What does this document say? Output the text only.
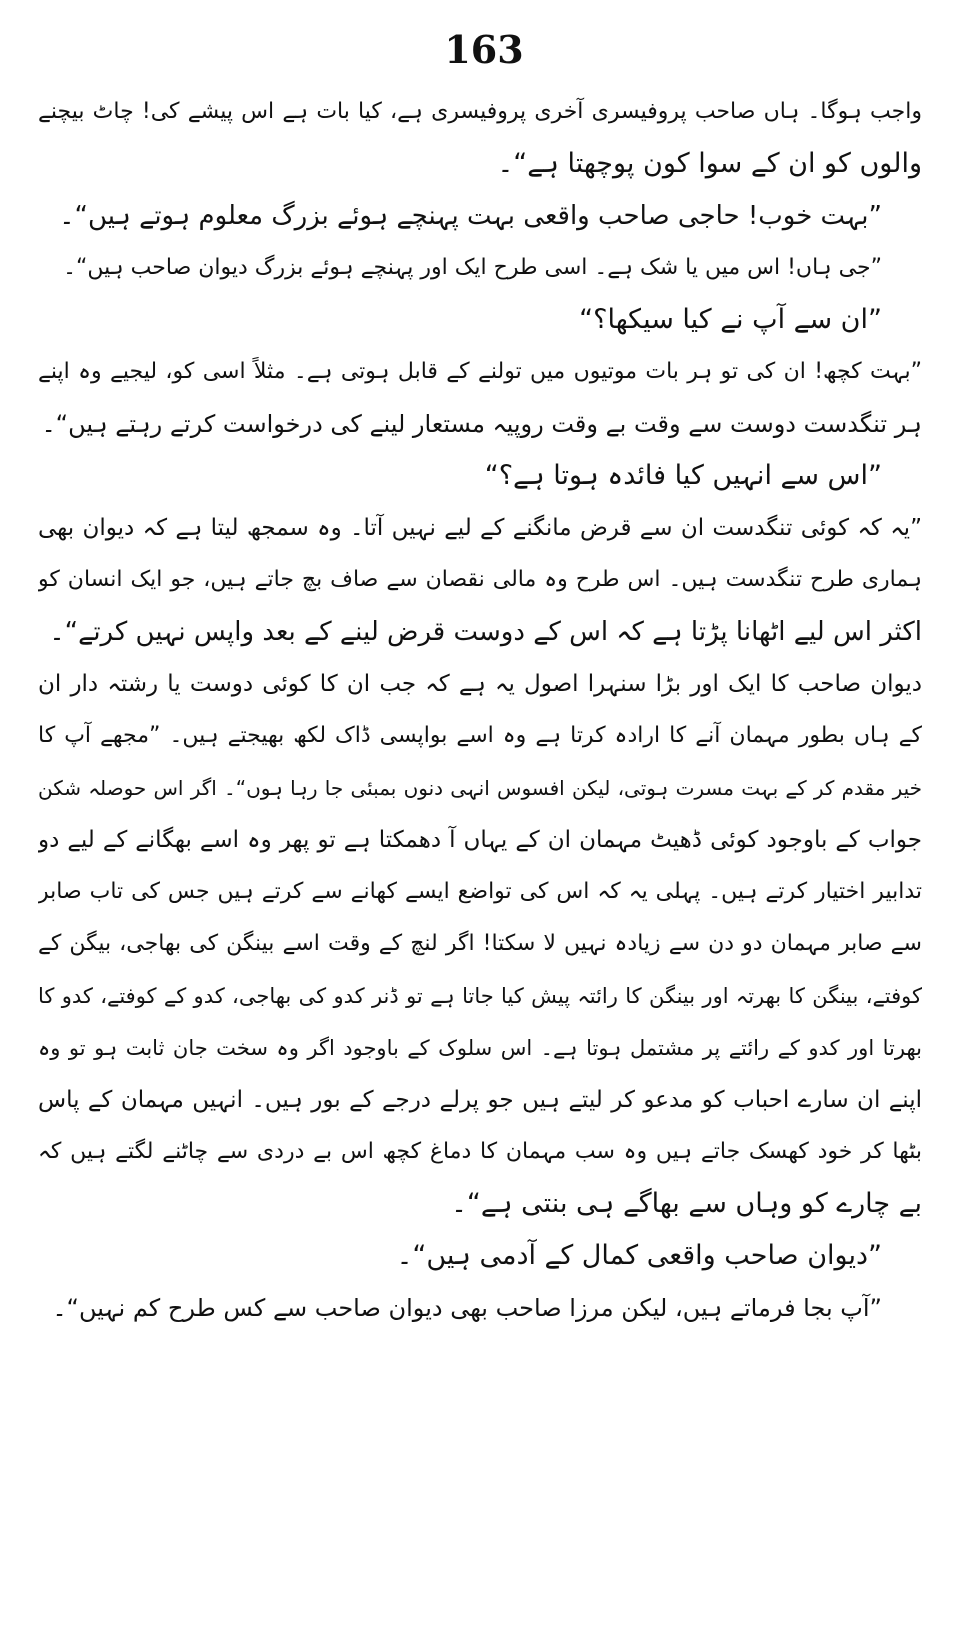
163
واجب ہوگا۔ ہاں صاحب پروفیسری آخری پروفیسری ہے، کیا بات ہے اس پیشے کی! چاٹ بیچنے
والوں کو ان کے سوا کون پوچھتا ہے“۔
”بہت خوب! حاجی صاحب واقعی بہت پہنچے ہوئے بزرگ معلوم ہوتے ہیں“۔
”جی ہاں! اس میں یا شک ہے۔ اسی طرح ایک اور پہنچے ہوئے بزرگ دیوان صاحب ہیں“۔
”ان سے آپ نے کیا سیکھا؟“
”بہت کچھ! ان کی تو ہر بات موتیوں میں تولنے کے قابل ہوتی ہے۔ مثلاً اسی کو، لیجیے وہ اپنے
ہر تنگدست دوست سے وقت بے وقت روپیہ مستعار لینے کی درخواست کرتے رہتے ہیں“۔
”اس سے انہیں کیا فائدہ ہوتا ہے؟“
”یہ کہ کوئی تنگدست ان سے قرض مانگنے کے لیے نہیں آتا۔ وہ سمجھ لیتا ہے کہ دیوان بھی
ہماری طرح تنگدست ہیں۔ اس طرح وہ مالی نقصان سے صاف بچ جاتے ہیں، جو ایک انسان کو
اکثر اس لیے اٹھانا پڑتا ہے کہ اس کے دوست قرض لینے کے بعد واپس نہیں کرتے“۔
دیوان صاحب کا ایک اور بڑا سنہرا اصول یہ ہے کہ جب ان کا کوئی دوست یا رشتہ دار ان
کے ہاں بطور مہمان آنے کا ارادہ کرتا ہے وہ اسے بواپسی ڈاک لکھ بھیجتے ہیں۔ ”مجھے آپ کا
خیر مقدم کر کے بہت مسرت ہوتی، لیکن افسوس انہی دنوں بمبئی جا رہا ہوں“۔ اگر اس حوصلہ شکن
جواب کے باوجود کوئی ڈھیٹ مہمان ان کے یہاں آ دھمکتا ہے تو پھر وہ اسے بھگانے کے لیے دو
تدابیر اختیار کرتے ہیں۔ پہلی یہ کہ اس کی تواضع ایسے کھانے سے کرتے ہیں جس کی تاب صابر
سے صابر مہمان دو دن سے زیادہ نہیں لا سکتا! اگر لنچ کے وقت اسے بینگن کی بھاجی، بیگن کے
کوفتے، بینگن کا بھرتہ اور بینگن کا رائتہ پیش کیا جاتا ہے تو ڈنر کدو کی بھاجی، کدو کے کوفتے، کدو کا
بھرتا اور کدو کے رائتے پر مشتمل ہوتا ہے۔ اس سلوک کے باوجود اگر وہ سخت جان ثابت ہو تو وہ
اپنے ان سارے احباب کو مدعو کر لیتے ہیں جو پرلے درجے کے بور ہیں۔ انہیں مہمان کے پاس
بٹھا کر خود کھسک جاتے ہیں وہ سب مہمان کا دماغ کچھ اس بے دردی سے چاٹنے لگتے ہیں کہ
بے چارے کو وہاں سے بھاگے ہی بنتی ہے“۔
”دیوان صاحب واقعی کمال کے آدمی ہیں“۔
”آپ بجا فرماتے ہیں، لیکن مرزا صاحب بھی دیوان صاحب سے کس طرح کم نہیں“۔
